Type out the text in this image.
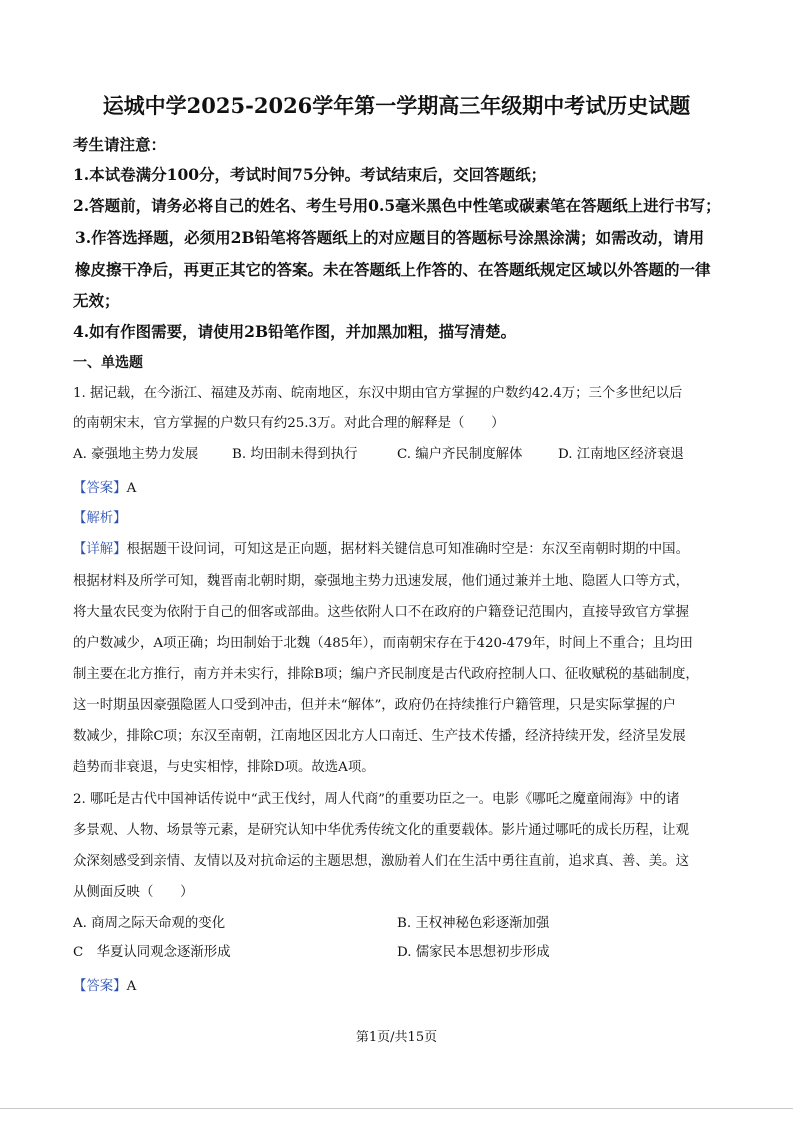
运城中学2025-2026学年第一学期高三年级期中考试历史试题
考生请注意：
1.本试卷满分100分，考试时间75分钟。考试结束后，交回答题纸；
2.答题前，请务必将自己的姓名、考生号用0.5毫米黑色中性笔或碳素笔在答题纸上进行书写；
3.作答选择题，必须用2B铅笔将答题纸上的对应题目的答题标号涂黑涂满；如需改动，请用
橡皮擦干净后，再更正其它的答案。未在答题纸上作答的、在答题纸规定区域以外答题的一律
无效；
4.如有作图需要，请使用2B铅笔作图，并加黑加粗，描写清楚。
一、单选题
1. 据记载，在今浙江、福建及苏南、皖南地区，东汉中期由官方掌握的户数约42.4万；三个多世纪以后
的南朝宋末，官方掌握的户数只有约25.3万。对此合理的解释是（　　）
A. 豪强地主势力发展	B. 均田制未得到执行	C. 编户齐民制度解体	D. 江南地区经济衰退
【答案】A
【解析】
【详解】根据题干设问词，可知这是正向题，据材料关键信息可知准确时空是：东汉至南朝时期的中国。
根据材料及所学可知，魏晋南北朝时期，豪强地主势力迅速发展，他们通过兼并土地、隐匿人口等方式，
将大量农民变为依附于自己的佃客或部曲。这些依附人口不在政府的户籍登记范围内，直接导致官方掌握
的户数减少，A项正确；均田制始于北魏（485年），而南朝宋存在于420-479年，时间上不重合；且均田
制主要在北方推行，南方并未实行，排除B项；编户齐民制度是古代政府控制人口、征收赋税的基础制度，
这一时期虽因豪强隐匿人口受到冲击，但并未“解体”，政府仍在持续推行户籍管理，只是实际掌握的户
数减少，排除C项；东汉至南朝，江南地区因北方人口南迁、生产技术传播，经济持续开发，经济呈发展
趋势而非衰退，与史实相悖，排除D项。故选A项。
2. 哪吒是古代中国神话传说中“武王伐纣，周人代商”的重要功臣之一。电影《哪吒之魔童闹海》中的诸
多景观、人物、场景等元素，是研究认知中华优秀传统文化的重要载体。影片通过哪吒的成长历程，让观
众深刻感受到亲情、友情以及对抗命运的主题思想，激励着人们在生活中勇往直前，追求真、善、美。这
从侧面反映（　　）
A. 商周之际天命观的变化	B. 王权神秘色彩逐渐加强
C　华夏认同观念逐渐形成	D. 儒家民本思想初步形成
【答案】A
第1页/共15页
